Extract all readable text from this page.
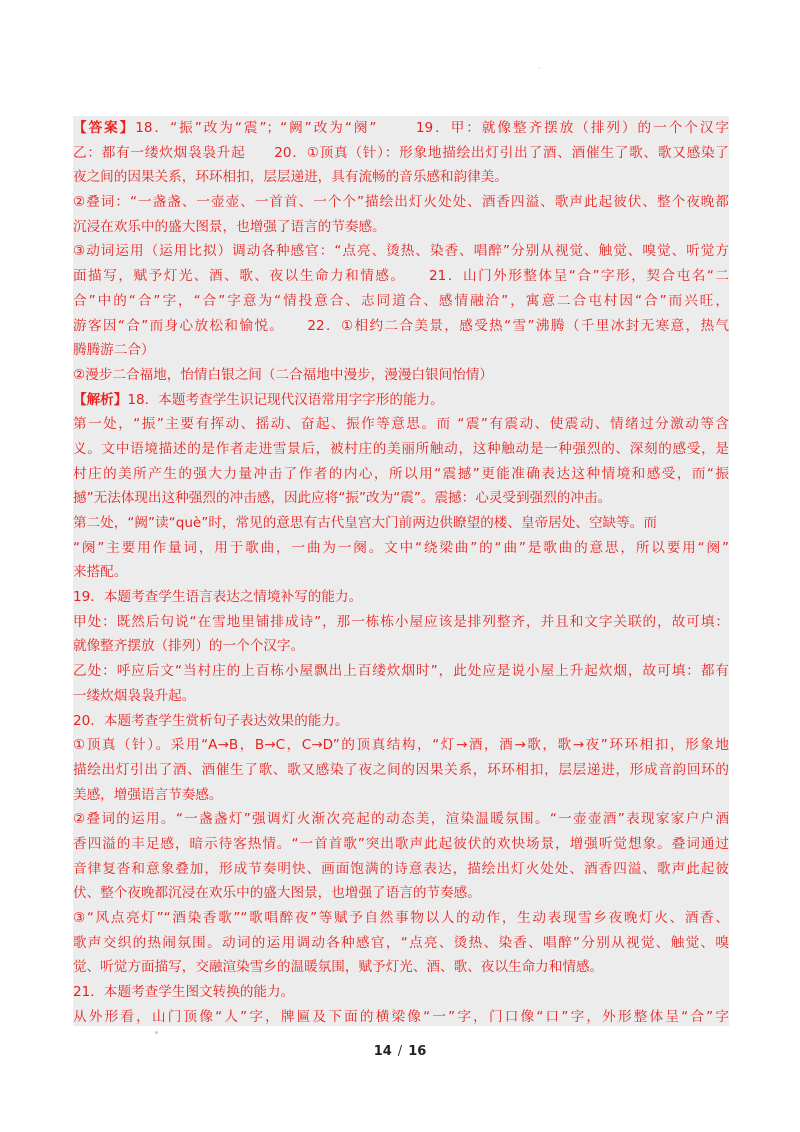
.
【答案】18．“振”改为“震”；“阙”改为“阕”　　 19．甲：就像整齐摆放（排列）的一个个汉字
乙：都有一缕炊烟袅袅升起　　20．①顶真（针）：形象地描绘出灯引出了酒、酒催生了歌、歌又感染了
夜之间的因果关系，环环相扣，层层递进，具有流畅的音乐感和韵律美。
②叠词：“一盏盏、一壶壶、一首首、一个个”描绘出灯火处处、酒香四溢、歌声此起彼伏、整个夜晚都
沉浸在欢乐中的盛大图景，也增强了语言的节奏感。
③动词运用（运用比拟）调动各种感官：“点亮、烫热、染香、唱醉”分别从视觉、触觉、嗅觉、听觉方
面描写，赋予灯光、酒、歌、夜以生命力和情感。　　21．山门外形整体呈“合”字形，契合屯名“二
合”中的“合”字，“合”字意为“情投意合、志同道合、感情融洽”，寓意二合屯村因“合”而兴旺，
游客因“合”而身心放松和愉悦。　　22．①相约二合美景，感受热“雪”沸腾（千里冰封无寒意，热气
腾腾游二合）
②漫步二合福地，怡情白银之间（二合福地中漫步，漫漫白银间怡情）
【解析】18．本题考查学生识记现代汉语常用字字形的能力。
第一处，“振”主要有挥动、摇动、奋起、振作等意思。而 “震”有震动、使震动、情绪过分激动等含
义。文中语境描述的是作者走进雪景后，被村庄的美丽所触动，这种触动是一种强烈的、深刻的感受，是
村庄的美所产生的强大力量冲击了作者的内心，所以用“震撼”更能准确表达这种情境和感受，而“振
撼”无法体现出这种强烈的冲击感，因此应将“振”改为“震”。震撼：心灵受到强烈的冲击。
第二处，“阙”读“què”时，常见的意思有古代皇宫大门前两边供瞭望的楼、皇帝居处、空缺等。而
“阕”主要用作量词，用于歌曲，一曲为一阕。文中“绕梁曲”的“曲”是歌曲的意思，所以要用“阕”
来搭配。
19．本题考查学生语言表达之情境补写的能力。
甲处：既然后句说“在雪地里铺排成诗”，那一栋栋小屋应该是排列整齐，并且和文字关联的，故可填：
就像整齐摆放（排列）的一个个汉字。
乙处：呼应后文“当村庄的上百栋小屋飘出上百缕炊烟时”，此处应是说小屋上升起炊烟，故可填：都有
一缕炊烟袅袅升起。
20．本题考查学生赏析句子表达效果的能力。
①顶真（针）。采用“A→B，B→C，C→D”的顶真结构，“灯→酒，酒→歌，歌→夜”环环相扣，形象地
描绘出灯引出了酒、酒催生了歌、歌又感染了夜之间的因果关系，环环相扣，层层递进，形成音韵回环的
美感，增强语言节奏感。
②叠词的运用。“一盏盏灯”强调灯火渐次亮起的动态美，渲染温暖氛围。“一壶壶酒”表现家家户户酒
香四溢的丰足感，暗示待客热情。“一首首歌”突出歌声此起彼伏的欢快场景，增强听觉想象。叠词通过
音律复沓和意象叠加，形成节奏明快、画面饱满的诗意表达，描绘出灯火处处、酒香四溢、歌声此起彼
伏、整个夜晚都沉浸在欢乐中的盛大图景，也增强了语言的节奏感。
③“风点亮灯”“酒染香歌”“歌唱醉夜”等赋予自然事物以人的动作，生动表现雪乡夜晚灯火、酒香、
歌声交织的热闹氛围。动词的运用调动各种感官，“点亮、烫热、染香、唱醉”分别从视觉、触觉、嗅
觉、听觉方面描写，交融渲染雪乡的温暖氛围，赋予灯光、酒、歌、夜以生命力和情感。
21．本题考查学生图文转换的能力。
从外形看，山门顶像“人”字，牌匾及下面的横梁像“一”字，门口像“口”字，外形整体呈“合”字
14 / 16
